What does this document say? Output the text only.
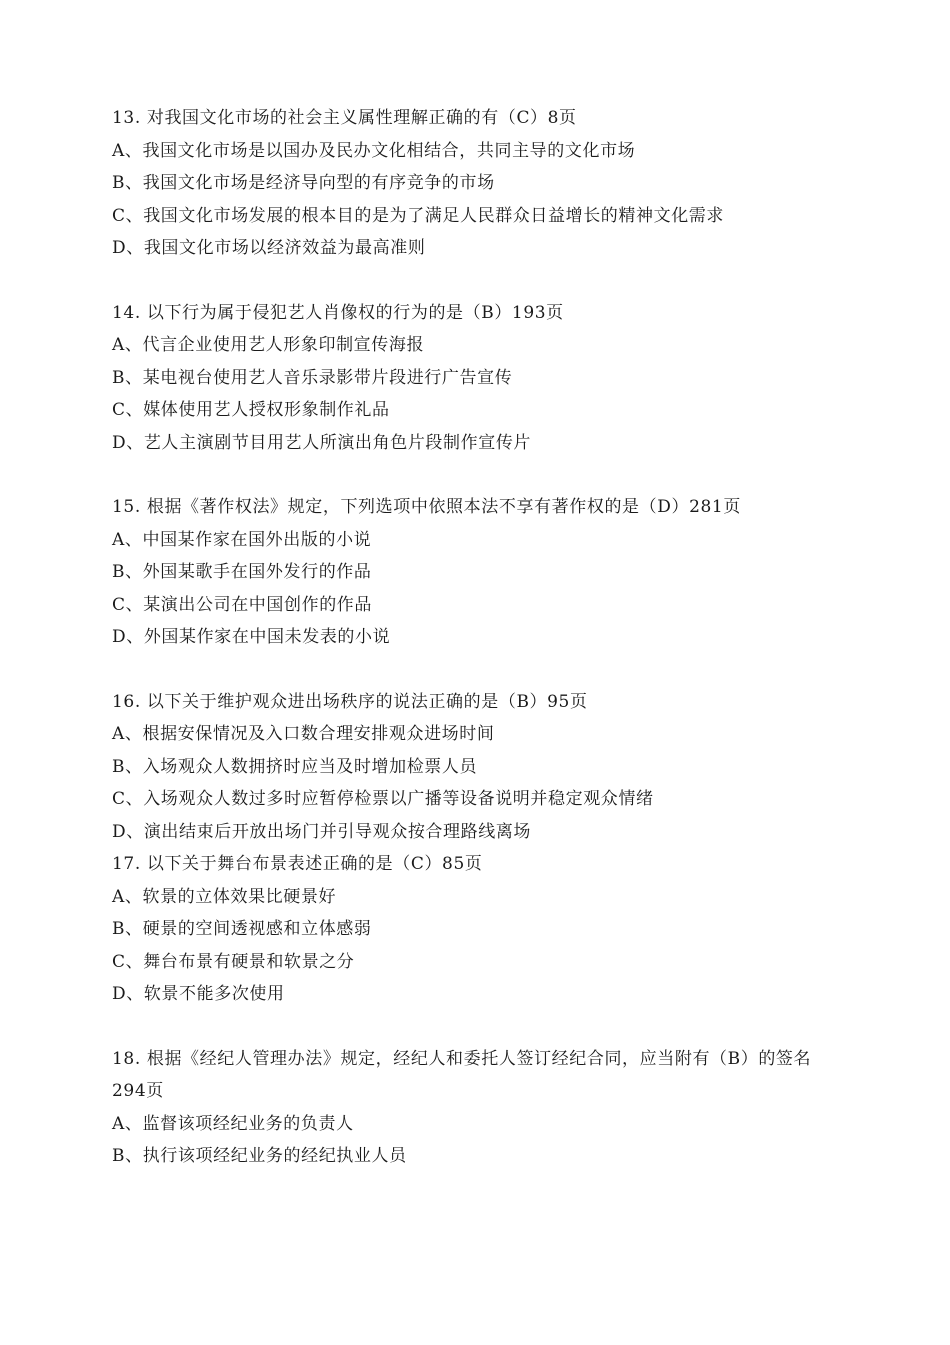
13. 对我国文化市场的社会主义属性理解正确的有（C）8页
A、我国文化市场是以国办及民办文化相结合，共同主导的文化市场
B、我国文化市场是经济导向型的有序竞争的市场
C、我国文化市场发展的根本目的是为了满足人民群众日益增长的精神文化需求
D、我国文化市场以经济效益为最高准则
14. 以下行为属于侵犯艺人肖像权的行为的是（B）193页
A、代言企业使用艺人形象印制宣传海报
B、某电视台使用艺人音乐录影带片段进行广告宣传
C、媒体使用艺人授权形象制作礼品
D、艺人主演剧节目用艺人所演出角色片段制作宣传片
15. 根据《著作权法》规定，下列选项中依照本法不享有著作权的是（D）281页
A、中国某作家在国外出版的小说
B、外国某歌手在国外发行的作品
C、某演出公司在中国创作的作品
D、外国某作家在中国未发表的小说
16. 以下关于维护观众进出场秩序的说法正确的是（B）95页
A、根据安保情况及入口数合理安排观众进场时间
B、入场观众人数拥挤时应当及时增加检票人员
C、入场观众人数过多时应暂停检票以广播等设备说明并稳定观众情绪
D、演出结束后开放出场门并引导观众按合理路线离场
17. 以下关于舞台布景表述正确的是（C）85页
A、软景的立体效果比硬景好
B、硬景的空间透视感和立体感弱
C、舞台布景有硬景和软景之分
D、软景不能多次使用
18. 根据《经纪人管理办法》规定，经纪人和委托人签订经纪合同，应当附有（B）的签名294页
A、监督该项经纪业务的负责人
B、执行该项经纪业务的经纪执业人员
